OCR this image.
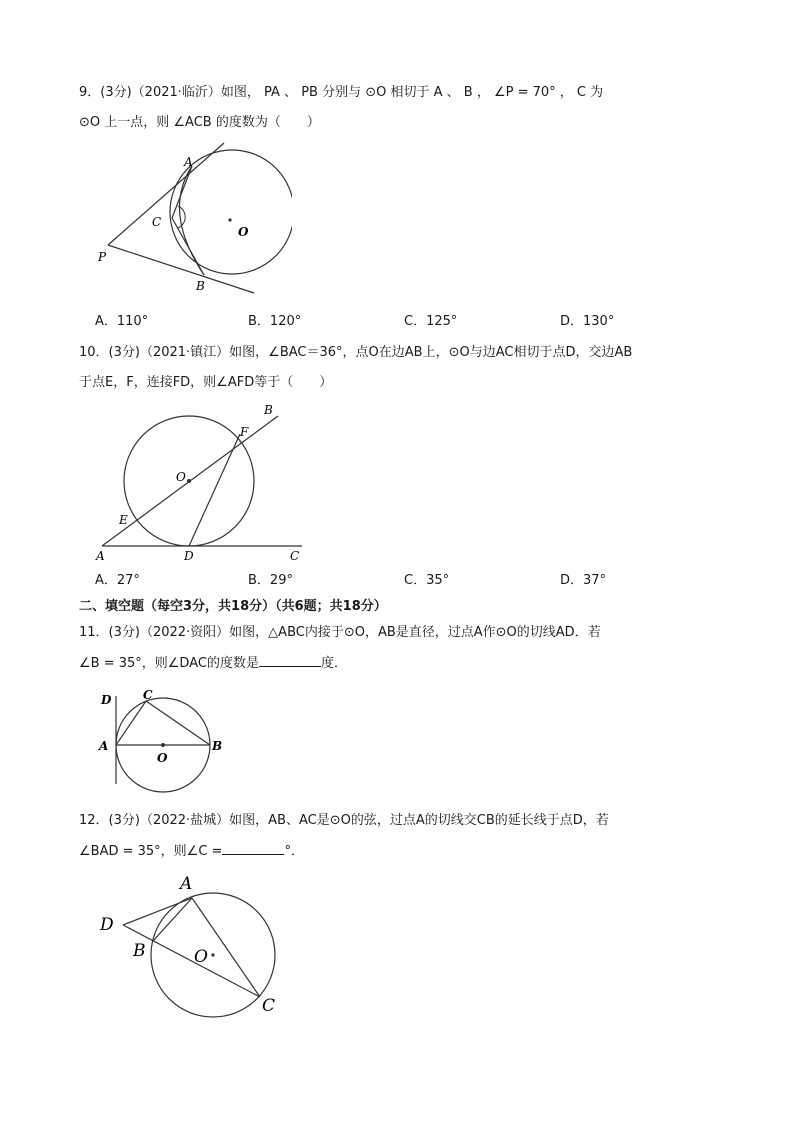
9．(3分)（2021·临沂）如图， PA 、 PB 分别与 ⊙O 相切于 A 、 B ， ∠P = 70° ， C 为
⊙O 上一点，则 ∠ACB 的度数为（　　）
A
B
C
O
P
A．110°	B．120°	C．125°	D．130°
10．(3分)（2021·镇江）如图，∠BAC＝36°，点O在边AB上，⊙O与边AC相切于点D，交边AB
于点E，F，连接FD，则∠AFD等于（　　）
A
B
C
D
E
F
O
A．27°	B．29°	C．35°	D．37°
二、填空题（每空3分，共18分）（共6题；共18分）
11．(3分)（2022·资阳）如图，△ABC内接于⊙O，AB是直径，过点A作⊙O的切线AD．若
∠B = 35°，则∠DAC的度数是	度．
A	B
C
D
O
12．(3分)（2022·盐城）如图，AB、AC是⊙O的弦，过点A的切线交CB的延长线于点D，若
∠BAD = 35°，则∠C =	°．
A
B
C
D
O
